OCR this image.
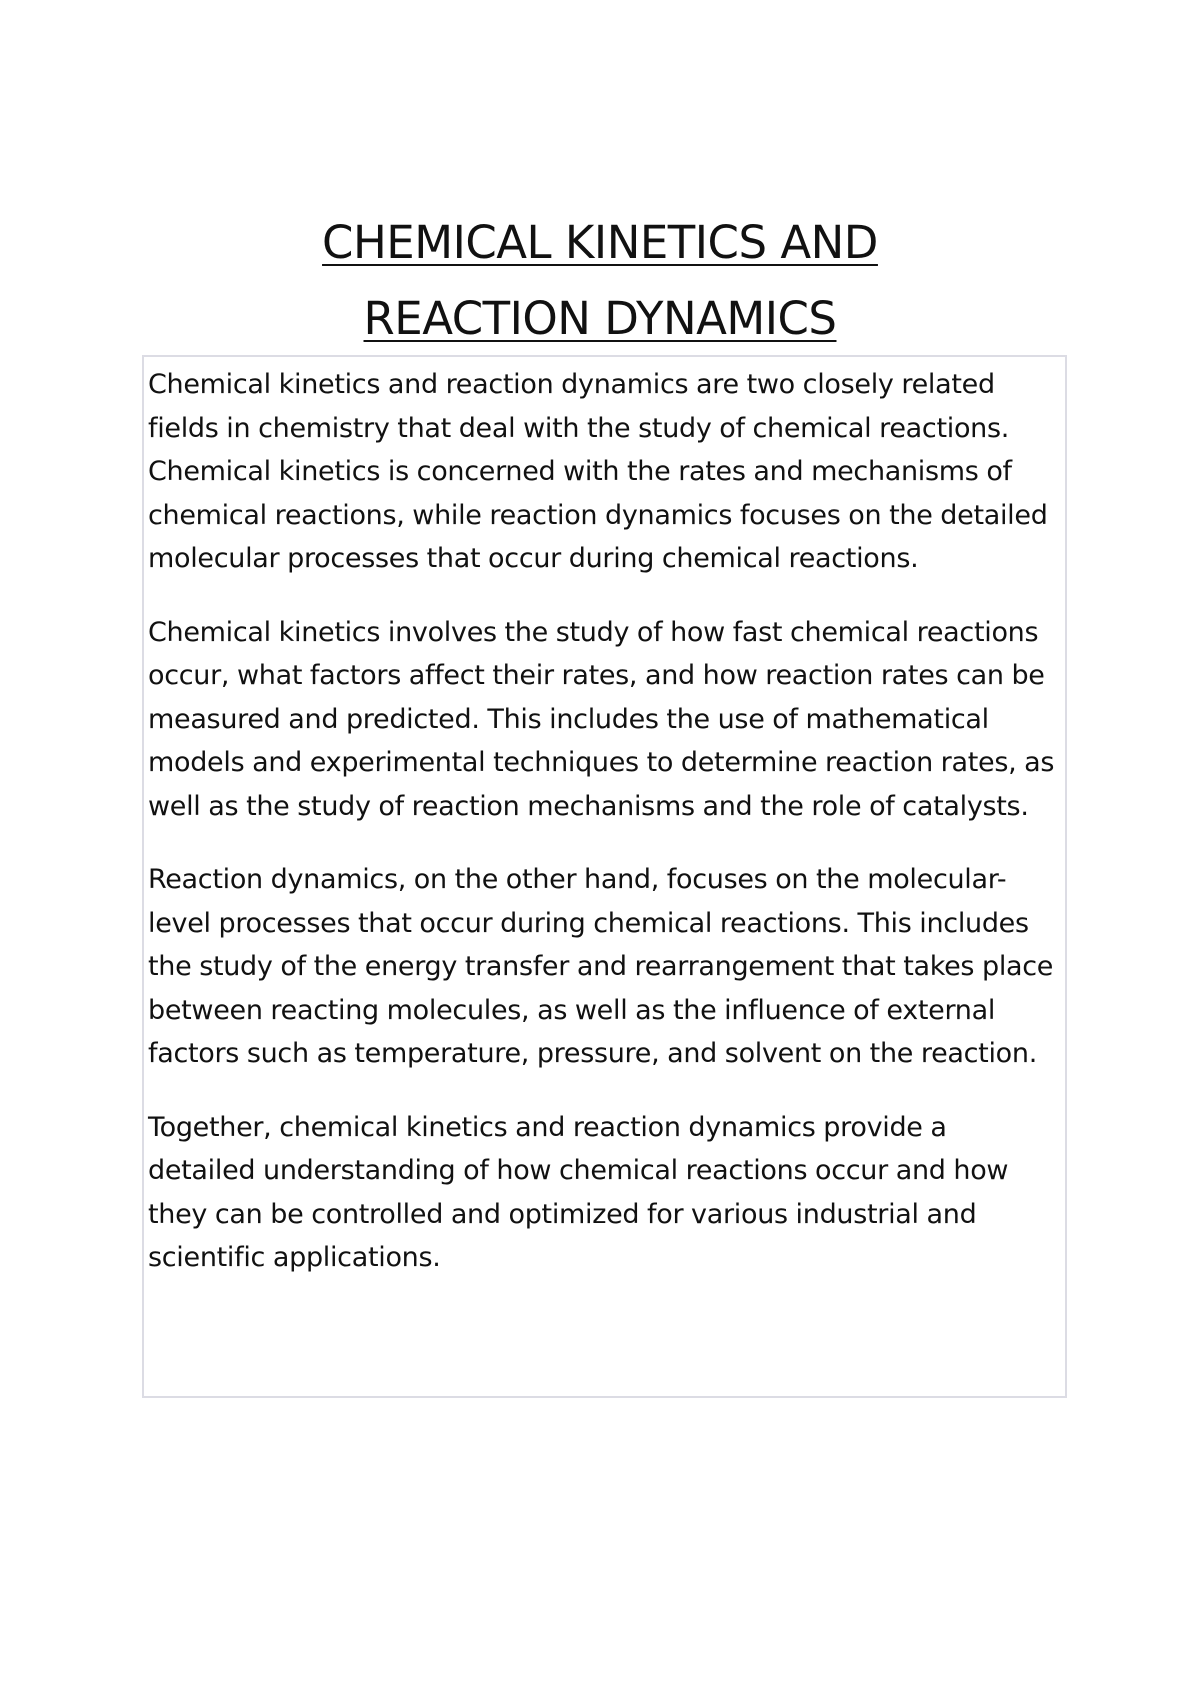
CHEMICAL KINETICS AND
REACTION DYNAMICS

Chemical kinetics and reaction dynamics are two closely related fields in chemistry that deal with the study of chemical reactions. Chemical kinetics is concerned with the rates and mechanisms of chemical reactions, while reaction dynamics focuses on the detailed molecular processes that occur during chemical reactions.

Chemical kinetics involves the study of how fast chemical reactions occur, what factors affect their rates, and how reaction rates can be measured and predicted. This includes the use of mathematical models and experimental techniques to determine reaction rates, as well as the study of reaction mechanisms and the role of catalysts.

Reaction dynamics, on the other hand, focuses on the molecular-level processes that occur during chemical reactions. This includes the study of the energy transfer and rearrangement that takes place between reacting molecules, as well as the influence of external factors such as temperature, pressure, and solvent on the reaction.

Together, chemical kinetics and reaction dynamics provide a detailed understanding of how chemical reactions occur and how they can be controlled and optimized for various industrial and scientific applications.
